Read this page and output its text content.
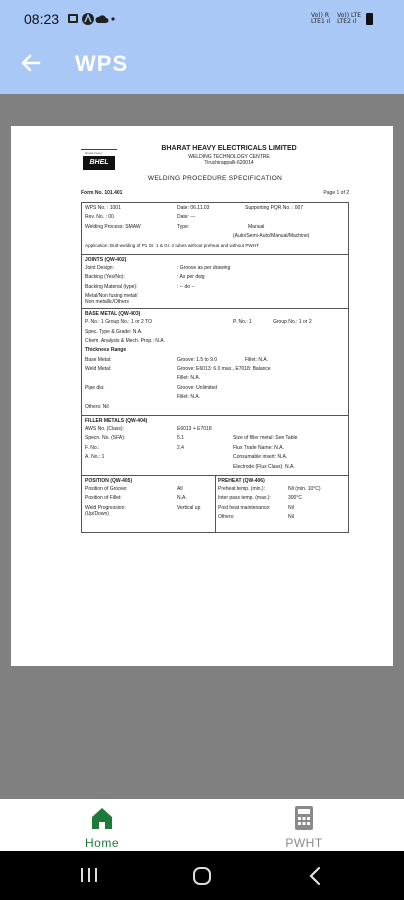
08:23	Vo)) R
LTE1 ıl
Vo)) LTE
LTE2 ıl
WPS
bharat heavy
BHEL
BHARAT HEAVY ELECTRICALS LIMITED
WELDING TECHNOLOGY CENTRE
Tiruchirappalli-620014
WELDING PROCEDURE SPECIFICATION
Form No. 101.401	Page 1 of 2
WPS No. : 1001	Date: 06.11.03	Supporting PQR No. : 007
Rev. No. : 00	Date: ---
Welding Process: SMAW	Type:	Manual
(Auto/Semi-Auto/Manual/Machine)
Application: Butt-welding of P1 Gr. 1 & Gr. 2 tubes without preheat and without PWHT.
JOINTS (QW-402)
Joint Design:	: Groove as per drawing
Backing (Yes/No):	: As per dwg
Backing Material (type):	: -- do --
Metal/Non fusing metal/
Non metallic/Others
BASE METAL (QW-403)
P. No.: 1 Group No.: 1 or 2 TO	P. No.: 1	Group No.: 1 or 2
Spec. Type & Grade: N.A.
Chem. Analysis & Mech. Prop.: N.A.
Thickness Range
Base Metal:	Groove: 1.5 to 9.0	Fillet: N.A.
Weld Metal:	Groove: E6013: 6.0 max., E7018: Balance
Fillet: N.A.
Pipe dia:	Groove: Unlimited
Fillet: N.A.
Others: Nil
FILLER METALS (QW-404)
AWS No. (Class):	E6013 + E7018
Specn. No. (SFA):	5.1	Size of filler metal: See Table
F. No.:	2,4	Flux Trade Name: N.A.
A. No.: 1	Consumable insert: N.A.
Electrode (Flux Class): N.A.
POSITION (QW-405)
Position of Groove:	All
Position of Fillet:	N.A.
Weld Progression:	Vertical up
(Up/Down)
PREHEAT (QW-406)
Preheat temp. (min.):	Nil (min. 10°C)
Inter pass temp. (max.):	300°C
Post heat maintenance:	Nil
Others:	Nil
Home	PWHT
